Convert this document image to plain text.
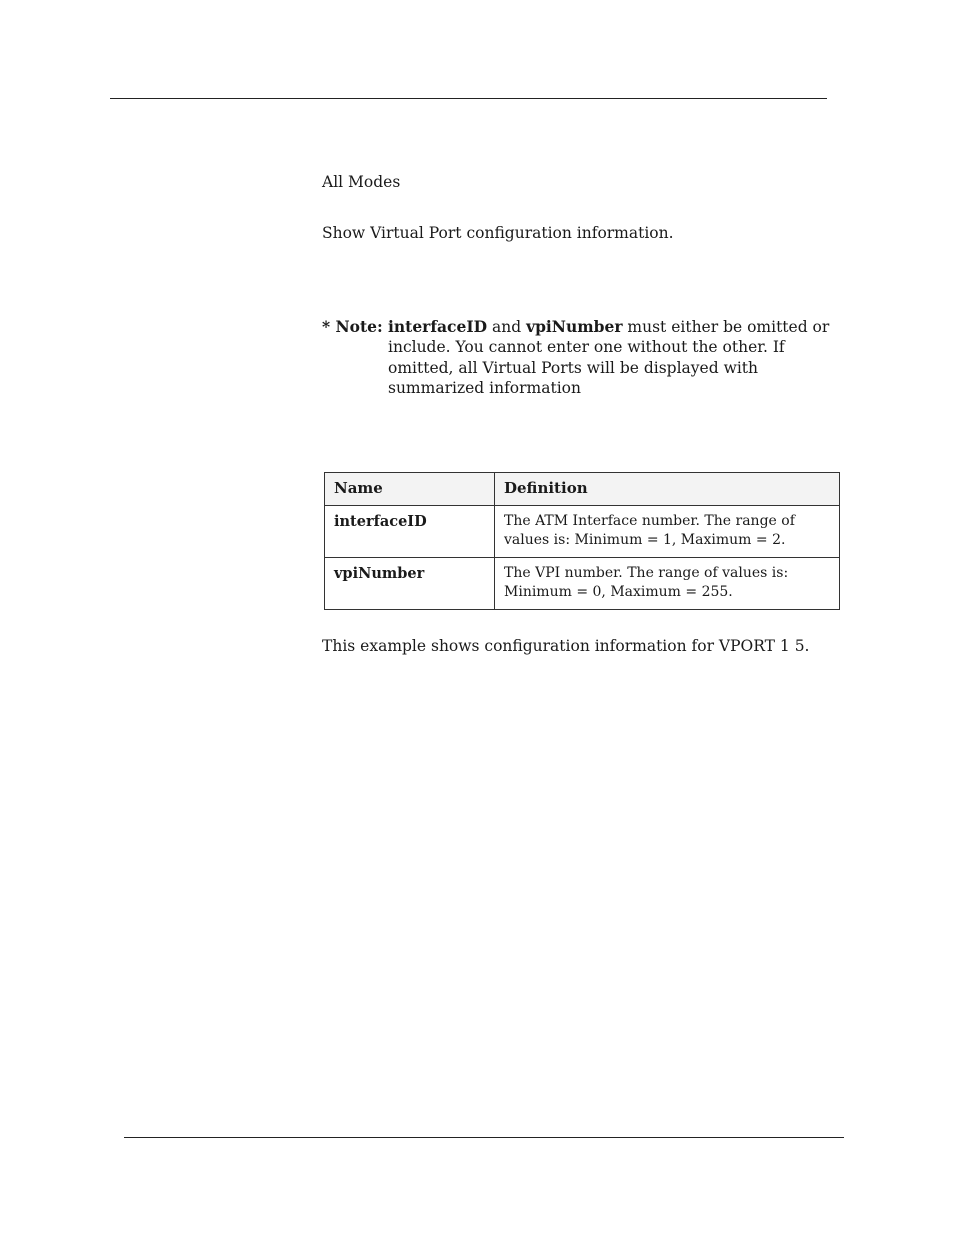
All Modes
Show Virtual Port configuration information.
* Note: interfaceID and vpiNumber must either be omitted or include. You cannot enter one without the other. If omitted, all Virtual Ports will be displayed with summarized information
Name	Definition
interfaceID	The ATM Interface number. The range of values is: Minimum = 1, Maximum = 2.
vpiNumber	The VPI number. The range of values is: Minimum = 0, Maximum = 255.
This example shows configuration information for VPORT 1 5.
